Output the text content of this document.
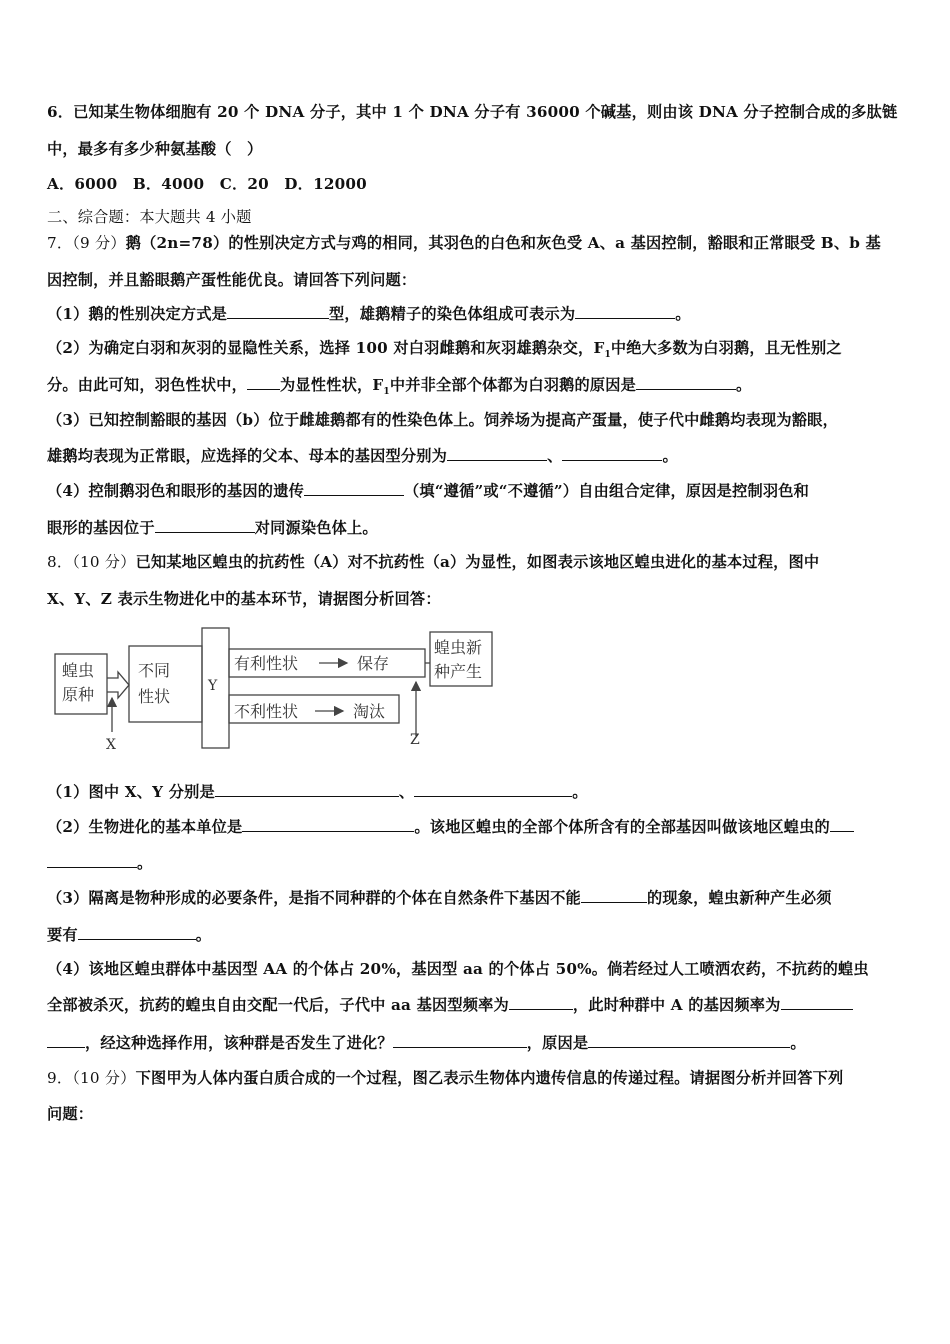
6．已知某生物体细胞有 20 个 DNA 分子，其中 1 个 DNA 分子有 36000 个碱基，则由该 DNA 分子控制合成的多肽链
中，最多有多少种氨基酸（　）
A．6000　B．4000　C．20　D．12000
二、综合题：本大题共 4 小题
7．（9 分）鹅（2n=78）的性别决定方式与鸡的相同，其羽色的白色和灰色受 A、a 基因控制，豁眼和正常眼受 B、b 基
因控制，并且豁眼鹅产蛋性能优良。请回答下列问题：
（1）鹅的性别决定方式是	型，雄鹅精子的染色体组成可表示为	。
（2）为确定白羽和灰羽的显隐性关系，选择 100 对白羽雌鹅和灰羽雄鹅杂交，$F_1$中绝大多数为白羽鹅，且无性别之
分。由此可知，羽色性状中， 为显性性状，$F_1$中并非全部个体都为白羽鹅的原因是	。
（3）已知控制豁眼的基因（b）位于雌雄鹅都有的性染色体上。饲养场为提高产蛋量，使子代中雌鹅均表现为豁眼，
雄鹅均表现为正常眼，应选择的父本、母本的基因型分别为	、	。
（4）控制鹅羽色和眼形的基因的遗传	（填“遵循”或“不遵循”）自由组合定律，原因是控制羽色和
眼形的基因位于	对同源染色体上。
8．（10 分）已知某地区蝗虫的抗药性（A）对不抗药性（a）为显性，如图表示该地区蝗虫进化的基本过程，图中
X、Y、Z 表示生物进化中的基本环节，请据图分析回答：
蝗虫
原种
不同
性状
Y
有利性状	保存
不利性状	淘汰
蝗虫新
种产生
X	Z
（1）图中 X、Y 分别是	、	。
（2）生物进化的基本单位是	。该地区蝗虫的全部个体所含有的全部基因叫做该地区蝗虫的
。
（3）隔离是物种形成的必要条件，是指不同种群的个体在自然条件下基因不能	的现象，蝗虫新种产生必须
要有	。
（4）该地区蝗虫群体中基因型 AA 的个体占 20%，基因型 aa 的个体占 50%。倘若经过人工喷洒农药，不抗药的蝗虫
全部被杀灭，抗药的蝗虫自由交配一代后，子代中 aa 基因型频率为	，此时种群中 A 的基因频率为
，经这种选择作用，该种群是否发生了进化？	，原因是	。
9．（10 分）下图甲为人体内蛋白质合成的一个过程，图乙表示生物体内遗传信息的传递过程。请据图分析并回答下列
问题：
